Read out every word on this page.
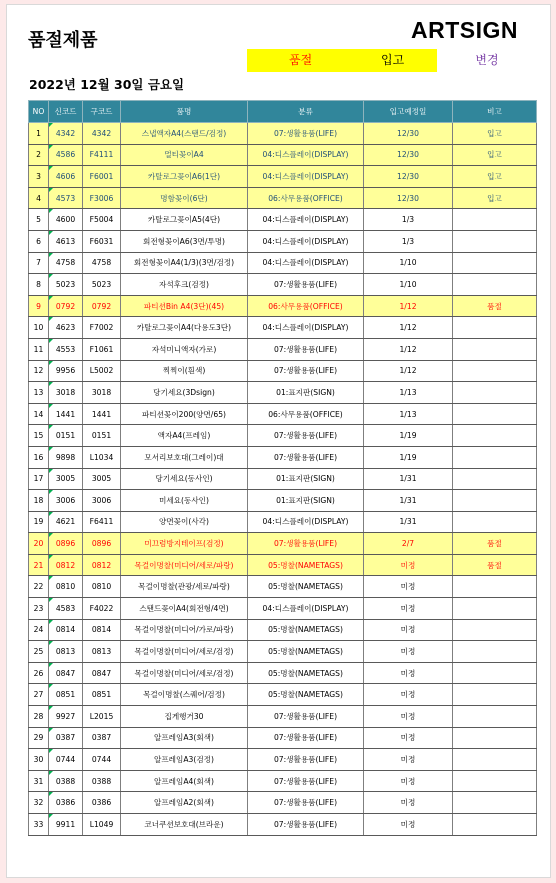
품절제품	ARTSIGN
품절	입고	변경
2022년 12월 30일 금요일
NO	신코드	구코드	품명	분류	입고예정일	비고
1	4342	4342	스냅액자A4(스탠드/검정)	07:생활용품(LIFE)	12/30	입고
2	4586	F4111	멀티꽂이A4	04:디스플레이(DISPLAY)	12/30	입고
3	4606	F6001	카탈로그꽂이A6(1단)	04:디스플레이(DISPLAY)	12/30	입고
4	4573	F3006	명함꽂이(6단)	06:사무용품(OFFICE)	12/30	입고
5	4600	F5004	카탈로그꽂이A5(4단)	04:디스플레이(DISPLAY)	1/3	
6	4613	F6031	회전형꽂이A6(3면/투명)	04:디스플레이(DISPLAY)	1/3	
7	4758	4758	회전형꽂이A4(1/3)(3면/검정)	04:디스플레이(DISPLAY)	1/10	
8	5023	5023	자석후크(검정)	07:생활용품(LIFE)	1/10	
9	0792	0792	파티션Bin A4(3단)(45)	06:사무용품(OFFICE)	1/12	품절
10	4623	F7002	카탈로그꽂이A4(다용도3단)	04:디스플레이(DISPLAY)	1/12	
11	4553	F1061	자석미니액자(가로)	07:생활용품(LIFE)	1/12	
12	9956	L5002	찍찍이(흰색)	07:생활용품(LIFE)	1/12	
13	3018	3018	당기세요(3Dsign)	01:표지판(SIGN)	1/13	
14	1441	1441	파티션꽂이200(양면/65)	06:사무용품(OFFICE)	1/13	
15	0151	0151	액자A4(프레임)	07:생활용품(LIFE)	1/19	
16	9898	L1034	모서리보호대(그레이)대	07:생활용품(LIFE)	1/19	
17	3005	3005	당기세요(동사인)	01:표지판(SIGN)	1/31	
18	3006	3006	미세요(동사인)	01:표지판(SIGN)	1/31	
19	4621	F6411	양면꽂이(사각)	04:디스플레이(DISPLAY)	1/31	
20	0896	0896	미끄럼방지테이프(검정)	07:생활용품(LIFE)	2/7	품절
21	0812	0812	목걸이명찰(미디어/세로/파랑)	05:명찰(NAMETAGS)	미정	품절
22	0810	0810	목걸이명찰(관광/세로/파랑)	05:명찰(NAMETAGS)	미정	
23	4583	F4022	스탠드꽂이A4(회전형/4면)	04:디스플레이(DISPLAY)	미정	
24	0814	0814	목걸이명찰(미디어/가로/파랑)	05:명찰(NAMETAGS)	미정	
25	0813	0813	목걸이명찰(미디어/세로/검정)	05:명찰(NAMETAGS)	미정	
26	0847	0847	목걸이명찰(미디어/세로/검정)	05:명찰(NAMETAGS)	미정	
27	0851	0851	목걸이명찰(스퀘어/검정)	05:명찰(NAMETAGS)	미정	
28	9927	L2015	집게행거30	07:생활용품(LIFE)	미정	
29	0387	0387	알프레임A3(회색)	07:생활용품(LIFE)	미정	
30	0744	0744	알프레임A3(검정)	07:생활용품(LIFE)	미정	
31	0388	0388	알프레임A4(회색)	07:생활용품(LIFE)	미정	
32	0386	0386	알프레임A2(회색)	07:생활용품(LIFE)	미정	
33	9911	L1049	코너쿠션보호대(브라운)	07:생활용품(LIFE)	미정	
